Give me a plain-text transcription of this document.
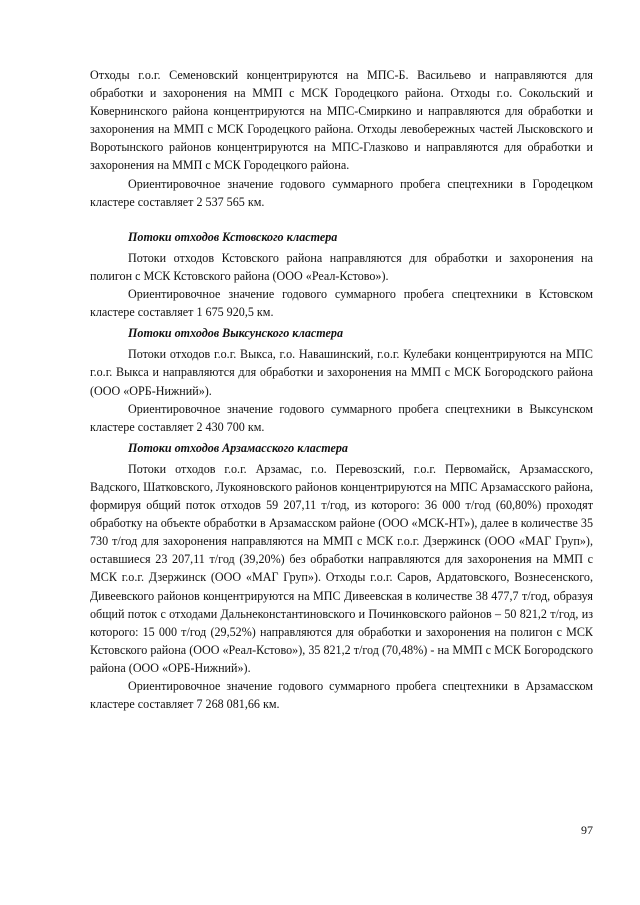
Отходы г.о.г. Семеновский концентрируются на МПС-Б. Васильево и направляются для обработки и захоронения на ММП с МСК Городецкого района. Отходы г.о. Сокольский и Ковернинского района концентрируются на МПС-Смиркино и направляются для обработки и захоронения на ММП с МСК Городецкого района. Отходы левобережных частей Лысковского и Воротынского районов концентрируются на МПС-Глазково и направляются для обработки и захоронения на ММП с МСК Городецкого района.

Ориентировочное значение годового суммарного пробега спецтехники в Городецком кластере составляет 2 537 565 км.

Потоки отходов Кстовского кластера

Потоки отходов Кстовского района направляются для обработки и захоронения на полигон с МСК Кстовского района (ООО «Реал-Кстово»).

Ориентировочное значение годового суммарного пробега спецтехники в Кстовском кластере составляет 1 675 920,5 км.

Потоки отходов Выксунского кластера

Потоки отходов г.о.г. Выкса, г.о. Навашинский, г.о.г. Кулебаки концентрируются на МПС г.о.г. Выкса и направляются для обработки и захоронения на ММП с МСК Богородского района (ООО «ОРБ-Нижний»).

Ориентировочное значение годового суммарного пробега спецтехники в Выксунском кластере составляет 2 430 700 км.

Потоки отходов Арзамасского кластера

Потоки отходов г.о.г. Арзамас, г.о. Перевозский, г.о.г. Первомайск, Арзамасского, Вадского, Шатковского, Лукояновского районов концентрируются на МПС Арзамасского района, формируя общий поток отходов 59 207,11 т/год, из которого: 36 000 т/год (60,80%) проходят обработку на объекте обработки в Арзамасском районе (ООО «МСК-НТ»), далее в количестве 35 730 т/год для захоронения направляются на ММП с МСК г.о.г. Дзержинск (ООО «МАГ Груп»), оставшиеся 23 207,11 т/год (39,20%) без обработки направляются для захоронения на ММП с МСК г.о.г. Дзержинск (ООО «МАГ Груп»). Отходы г.о.г. Саров, Ардатовского, Вознесенского, Дивеевского районов концентрируются на МПС Дивеевская в количестве 38 477,7 т/год, образуя общий поток с отходами Дальнеконстантиновского и Починковского районов – 50 821,2 т/год, из которого: 15 000 т/год (29,52%) направляются для обработки и захоронения на полигон с МСК Кстовского района (ООО «Реал-Кстово»), 35 821,2 т/год (70,48%) - на ММП с МСК Богородского района (ООО «ОРБ-Нижний»).

Ориентировочное значение годового суммарного пробега спецтехники в Арзамасском кластере составляет 7 268 081,66 км.

97
